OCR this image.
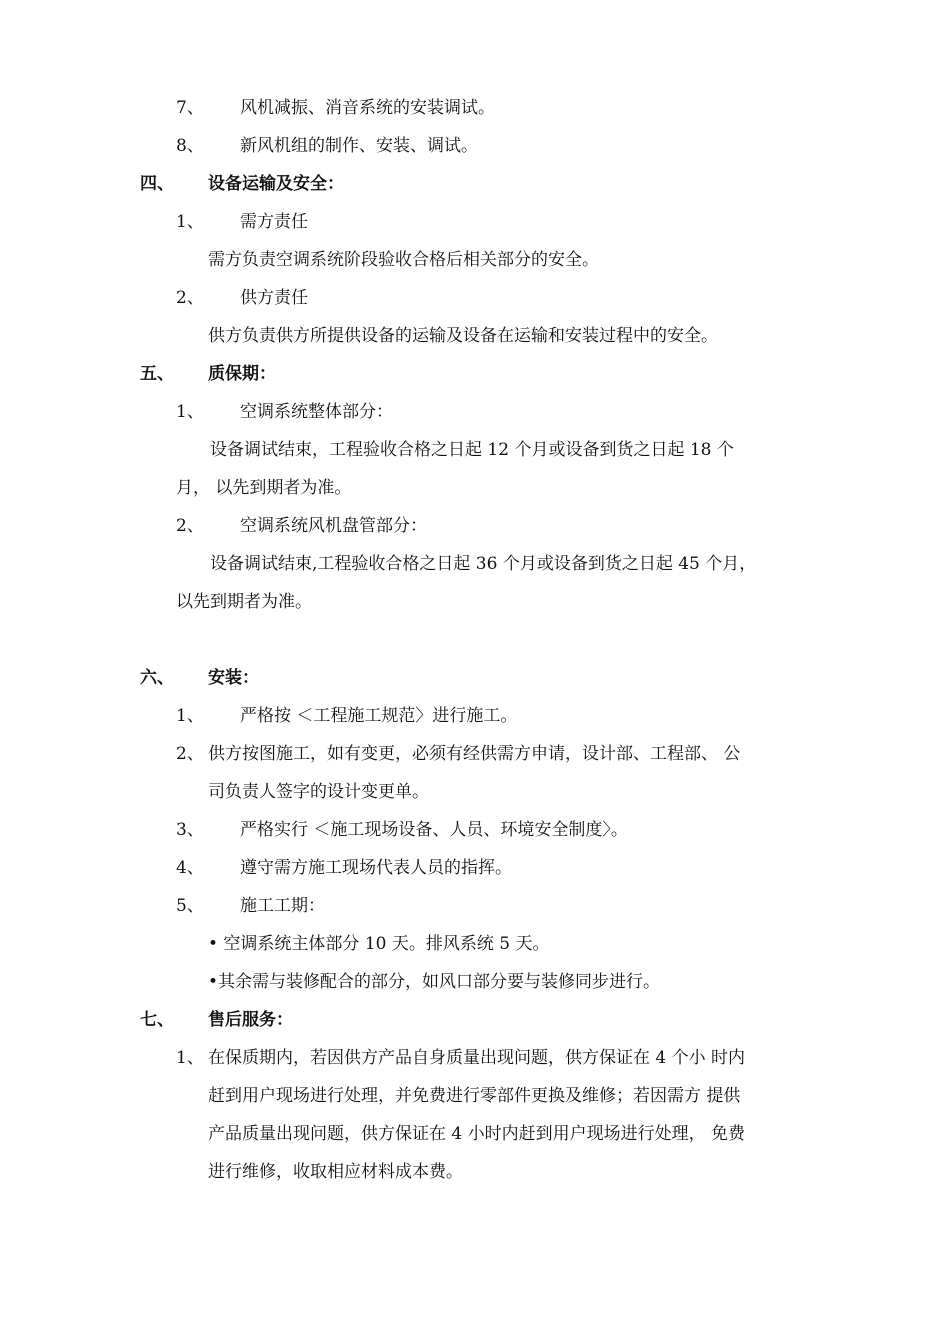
7、 风机减振、消音系统的安装调试。
8、 新风机组的制作、安装、调试。
四、 设备运输及安全：
1、 需方责任
需方负责空调系统阶段验收合格后相关部分的安全。
2、 供方责任
供方负责供方所提供设备的运输及设备在运输和安装过程中的安全。
五、 质保期：
1、 空调系统整体部分：
设备调试结束，工程验收合格之日起 12 个月或设备到货之日起 18 个
月， 以先到期者为准。
2、 空调系统风机盘管部分：
设备调试结束,工程验收合格之日起 36 个月或设备到货之日起 45 个月，
以先到期者为准。
六、 安装：
1、 严格按 ＜工程施工规范〉进行施工。
2、 供方按图施工，如有变更，必须有经供需方申请，设计部、工程部、 公
司负责人签字的设计变更单。
3、 严格实行 ＜施工现场设备、人员、环境安全制度〉。
4、 遵守需方施工现场代表人员的指挥。
5、 施工工期：
• 空调系统主体部分 10 天。排风系统 5 天。
•其余需与装修配合的部分，如风口部分要与装修同步进行。
七、 售后服务：
1、 在保质期内，若因供方产品自身质量出现问题，供方保证在 4 个小 时内
赶到用户现场进行处理，并免费进行零部件更换及维修；若因需方 提供
产品质量出现问题，供方保证在 4 小时内赶到用户现场进行处理， 免费
进行维修，收取相应材料成本费。
